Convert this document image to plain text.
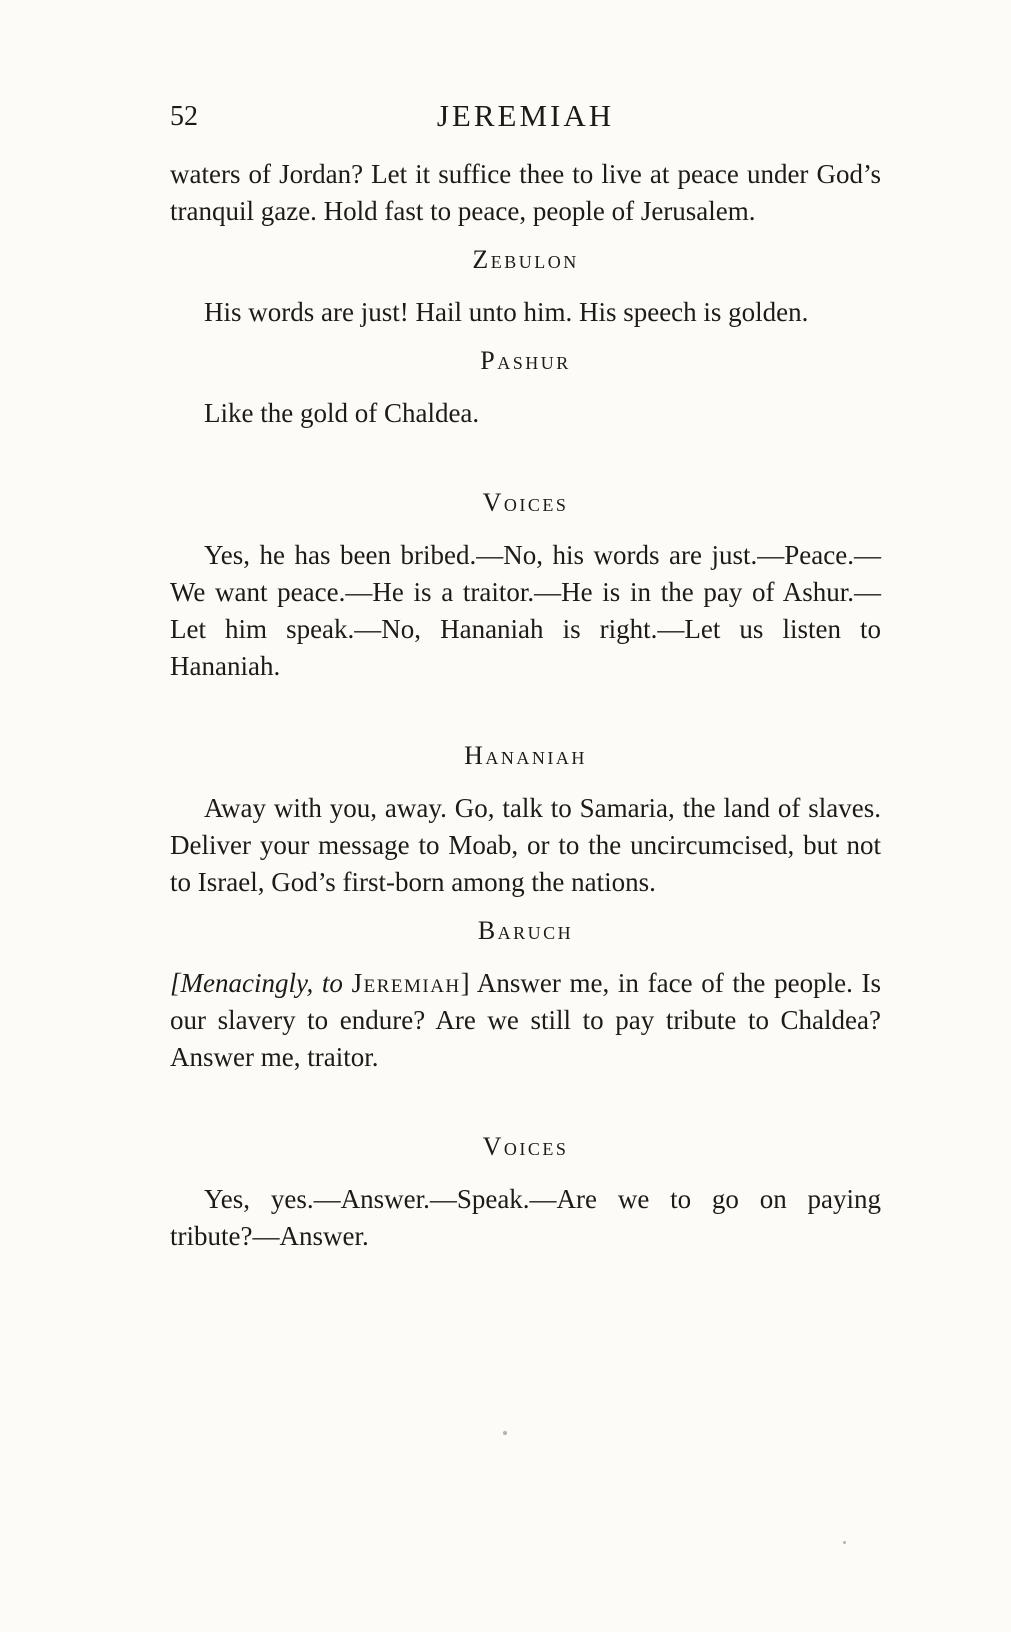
52	JEREMIAH

waters of Jordan? Let it suffice thee to live at peace under God’s tranquil gaze. Hold fast to peace, people of Jerusalem.

Zebulon

His words are just! Hail unto him. His speech is golden.

Pashur

Like the gold of Chaldea.

Voices

Yes, he has been bribed.—No, his words are just.—Peace.—We want peace.—He is a traitor.—He is in the pay of Ashur.—Let him speak.—No, Hananiah is right.—Let us listen to Hananiah.

Hananiah

Away with you, away. Go, talk to Samaria, the land of slaves. Deliver your message to Moab, or to the uncircumcised, but not to Israel, God’s first-born among the nations.

Baruch

[Menacingly, to Jeremiah] Answer me, in face of the people. Is our slavery to endure? Are we still to pay tribute to Chaldea? Answer me, traitor.

Voices

Yes, yes.—Answer.—Speak.—Are we to go on paying tribute?—Answer.
